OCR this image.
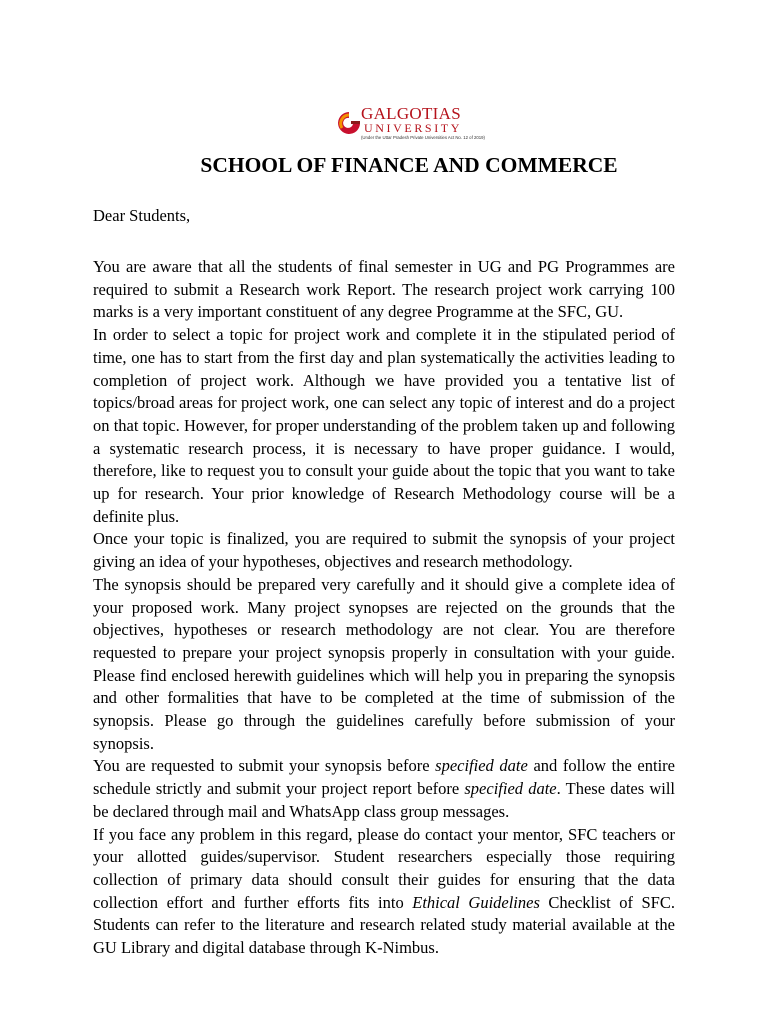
GALGOTIAS
UNIVERSITY
(Under the Uttar Pradesh Private Universities Act No. 12 of 2019)
SCHOOL OF FINANCE AND COMMERCE

Dear Students,

You are aware that all the students of final semester in UG and PG Programmes are required to submit a Research work Report. The research project work carrying 100 marks is a very important constituent of any degree Programme at the SFC, GU.

In order to select a topic for project work and complete it in the stipulated period of time, one has to start from the first day and plan systematically the activities leading to completion of project work. Although we have provided you a tentative list of topics/broad areas for project work, one can select any topic of interest and do a project on that topic. However, for proper understanding of the problem taken up and following a systematic research process, it is necessary to have proper guidance. I would, therefore, like to request you to consult your guide about the topic that you want to take up for research. Your prior knowledge of Research Methodology course will be a definite plus.

Once your topic is finalized, you are required to submit the synopsis of your project giving an idea of your hypotheses, objectives and research methodology.

The synopsis should be prepared very carefully and it should give a complete idea of your proposed work. Many project synopses are rejected on the grounds that the objectives, hypotheses or research methodology are not clear. You are therefore requested to prepare your project synopsis properly in consultation with your guide. Please find enclosed herewith guidelines which will help you in preparing the synopsis and other formalities that have to be completed at the time of submission of the synopsis. Please go through the guidelines carefully before submission of your synopsis.

You are requested to submit your synopsis before specified date and follow the entire schedule strictly and submit your project report before specified date. These dates will be declared through mail and WhatsApp class group messages.

If you face any problem in this regard, please do contact your mentor, SFC teachers or your allotted guides/supervisor. Student researchers especially those requiring collection of primary data should consult their guides for ensuring that the data collection effort and further efforts fits into Ethical Guidelines Checklist of SFC. Students can refer to the literature and research related study material available at the GU Library and digital database through K-Nimbus.
